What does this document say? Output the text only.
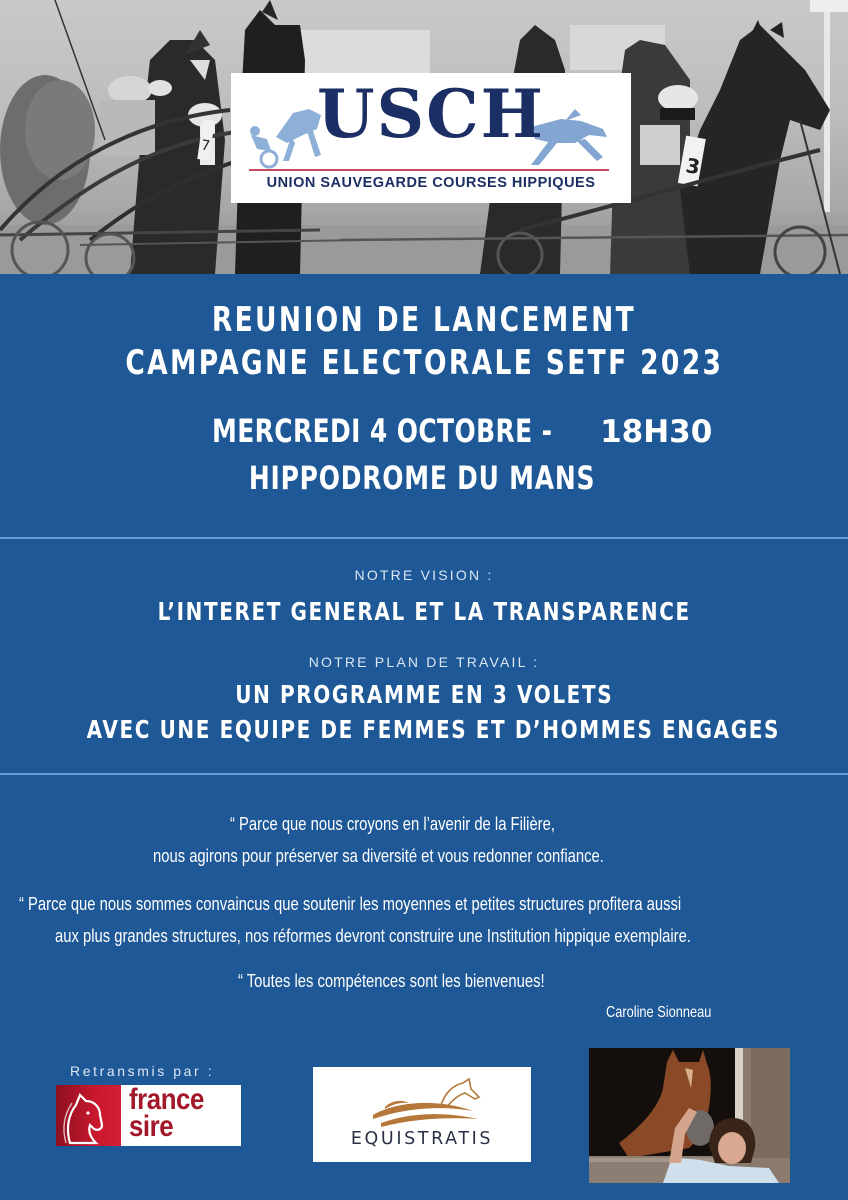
3
7	USCH
UNION SAUVEGARDE COURSES HIPPIQUES
REUNION DE LANCEMENT
CAMPAGNE ELECTORALE SETF 2023
MERCREDI 4 OCTOBRE - 18H30
HIPPODROME DU MANS
NOTRE VISION :
L’INTERET GENERAL ET LA TRANSPARENCE
NOTRE PLAN DE TRAVAIL :
UN PROGRAMME EN 3 VOLETS
AVEC UNE EQUIPE DE FEMMES ET D’HOMMES ENGAGES
“ Parce que nous croyons en l’avenir de la Filière,
nous agirons pour préserver sa diversité et vous redonner confiance.
“ Parce que nous sommes convaincus que soutenir les moyennes et petites structures profitera aussi
aux plus grandes structures, nos réformes devront construire une Institution hippique exemplaire.
“ Toutes les compétences sont les bienvenues!
Caroline Sionneau
Retransmis par :
france
sire	EQUISTRATIS
